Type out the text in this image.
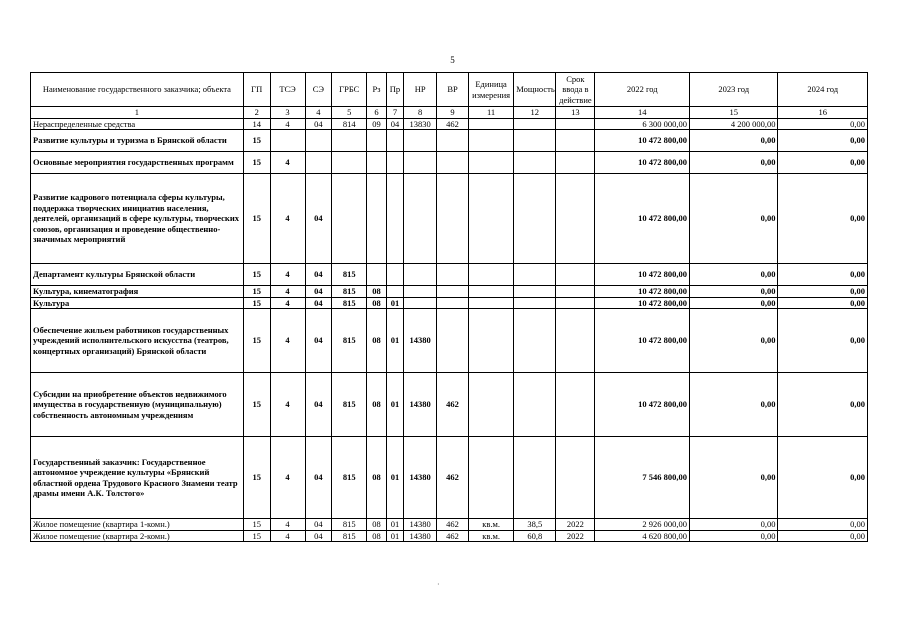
5
Наименование государственного заказчика; объекта	ГП	ТСЭ	СЭ	ГРБС	Рз	Пр	НР	ВР	Единица измерения	Мощность	Срок ввода в действие	2022 год	2023 год	2024 год
1	2	3	4	5	6	7	8	9	11	12	13	14	15	16
Нераспределенные средства	14	4	04	814	09	04	13830	462				6 300 000,00	4 200 000,00	0,00
Развитие культуры и туризма в Брянской области	15											10 472 800,00	0,00	0,00
Основные мероприятия государственных программ	15	4										10 472 800,00	0,00	0,00
Развитие кадрового потенциала сферы культуры, поддержка творческих инициатив населения, деятелей, организаций в сфере культуры, творческих союзов, организация и проведение общественно-значимых мероприятий	15	4	04									10 472 800,00	0,00	0,00
Департамент культуры Брянской области	15	4	04	815								10 472 800,00	0,00	0,00
Культура, кинематография	15	4	04	815	08							10 472 800,00	0,00	0,00
Культура	15	4	04	815	08	01						10 472 800,00	0,00	0,00
Обеспечение жильем работников государственных учреждений исполнительского искусства (театров, концертных организаций) Брянской области	15	4	04	815	08	01	14380					10 472 800,00	0,00	0,00
Субсидии на приобретение объектов недвижимого имущества в государственную (муниципальную) собственность автономным учреждениям	15	4	04	815	08	01	14380	462				10 472 800,00	0,00	0,00
Государственный заказчик: Государственное автономное учреждение культуры «Брянский областной ордена Трудового Красного Знамени театр драмы имени А.К. Толстого»	15	4	04	815	08	01	14380	462				7 546 800,00	0,00	0,00
Жилое помещение (квартира 1-комн.)	15	4	04	815	08	01	14380	462	кв.м.	38,5	2022	2 926 000,00	0,00	0,00
Жилое помещение (квартира 2-комн.)	15	4	04	815	08	01	14380	462	кв.м.	60,8	2022	4 620 800,00	0,00	0,00
·
